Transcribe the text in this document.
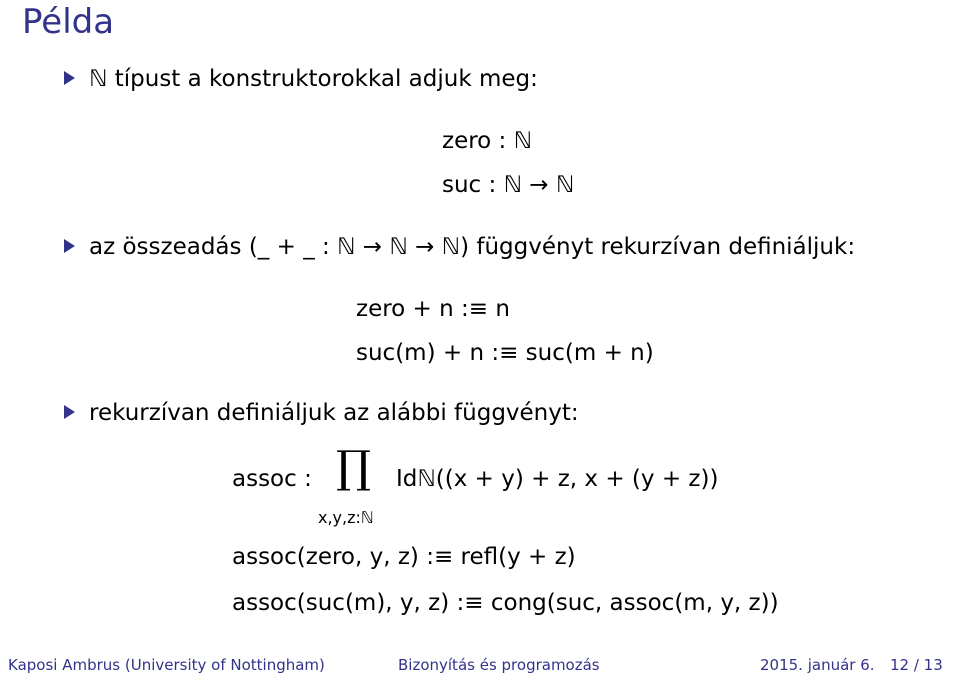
Példa
ℕ típust a konstruktorokkal adjuk meg:
zero : ℕ
suc : ℕ → ℕ
az összeadás (_ + _ : ℕ → ℕ → ℕ) függvényt rekurzívan definiáljuk:
zero + n :≡ n
suc(m) + n :≡ suc(m + n)
rekurzívan definiáljuk az alábbi függvényt:
assoc : ∏
x,y,z:ℕ
Idℕ((x + y) + z, x + (y + z))
assoc(zero, y, z) :≡ refl(y + z)
assoc(suc(m), y, z) :≡ cong(suc, assoc(m, y, z))
Kaposi Ambrus (University of Nottingham)	Bizonyítás és programozás	2015. január 6. 12 / 13
